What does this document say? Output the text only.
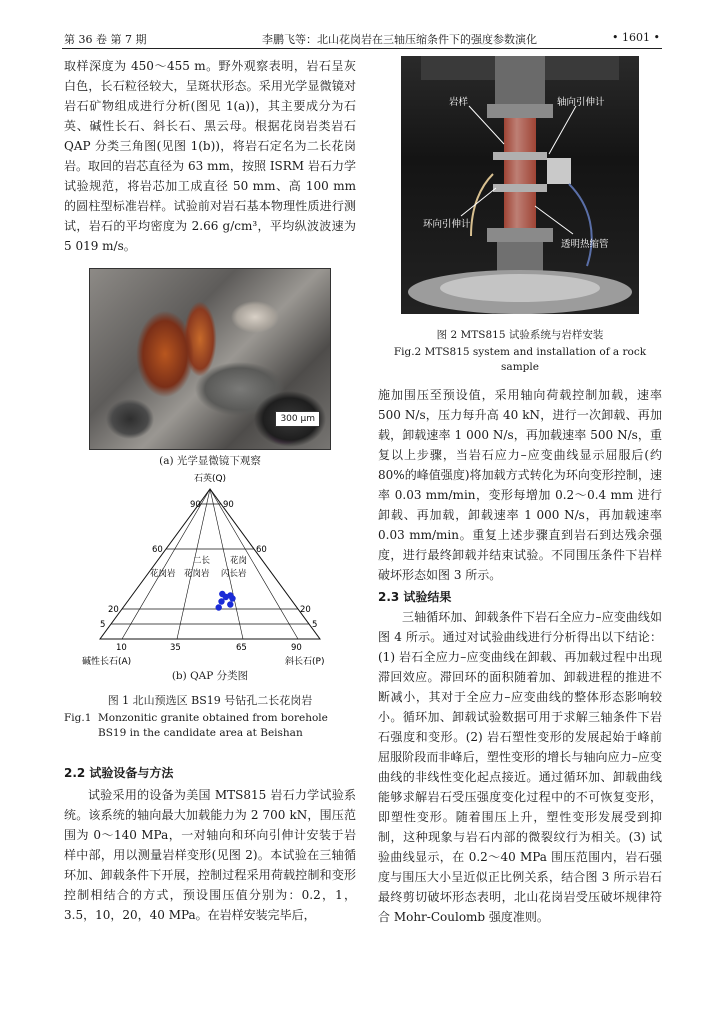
第 36 卷 第 7 期	李鹏飞等：北山花岗岩在三轴压缩条件下的强度参数演化	• 1601 •

取样深度为 450～455 m。野外观察表明，岩石呈灰白色，长石粒径较大，呈斑状形态。采用光学显微镜对岩石矿物组成进行分析(图见 1(a))，其主要成分为石英、碱性长石、斜长石、黑云母。根据花岗岩类岩石 QAP 分类三角图(见图 1(b))，将岩石定名为二长花岗岩。取回的岩芯直径为 63 mm，按照 ISRM 岩石力学试验规范，将岩芯加工成直径 50 mm、高 100 mm 的圆柱型标准岩样。试验前对岩石基本物理性质进行测试，岩石的平均密度为 2.66 g/cm³，平均纵波波速为 5 019 m/s。

300 μm

(a) 光学显微镜下观察

石英(Q)
90	90
60	60
20	20
5	5
10	35	65	90
碱性长石(A)	斜长石(P)
花岗岩
二长
花岗岩
花岗
闪长岩

(b) QAP 分类图

图 1 北山预选区 BS19 号钻孔二长花岗岩

Fig.1 Monzonitic granite obtained from borehole BS19 in the candidate area at Beishan

2.2 试验设备与方法

试验采用的设备为美国 MTS815 岩石力学试验系统。该系统的轴向最大加载能力为 2 700 kN，围压范围为 0～140 MPa，一对轴向和环向引伸计安装于岩样中部，用以测量岩样变形(见图 2)。本试验在三轴循环加、卸载条件下开展，控制过程采用荷载控制和变形控制相结合的方式，预设围压值分别为：0.2，1，3.5，10，20，40 MPa。在岩样安装完毕后，

岩样	轴向引伸计
环向引伸计
透明热缩管

图 2 MTS815 试验系统与岩样安装

Fig.2 MTS815 system and installation of a rock sample

施加围压至预设值，采用轴向荷载控制加载，速率 500 N/s，压力每升高 40 kN，进行一次卸载、再加载，卸载速率 1 000 N/s，再加载速率 500 N/s，重复以上步骤，当岩石应力–应变曲线显示屈服后(约 80%的峰值强度)将加载方式转化为环向变形控制，速率 0.03 mm/min，变形每增加 0.2～0.4 mm 进行卸载、再加载，卸载速率 1 000 N/s，再加载速率 0.03 mm/min。重复上述步骤直到岩石到达残余强度，进行最终卸载并结束试验。不同围压条件下岩样破坏形态如图 3 所示。

2.3 试验结果

三轴循环加、卸载条件下岩石全应力–应变曲线如图 4 所示。通过对试验曲线进行分析得出以下结论：(1) 岩石全应力–应变曲线在卸载、再加载过程中出现滞回效应。滞回环的面积随着加、卸载进程的推进不断减小，其对于全应力–应变曲线的整体形态影响较小。循环加、卸载试验数据可用于求解三轴条件下岩石强度和变形。(2) 岩石塑性变形的发展起始于峰前屈服阶段而非峰后，塑性变形的增长与轴向应力–应变曲线的非线性变化起点接近。通过循环加、卸载曲线能够求解岩石受压强度变化过程中的不可恢复变形，即塑性变形。随着围压上升，塑性变形发展受到抑制，这种现象与岩石内部的微裂纹行为相关。(3) 试验曲线显示，在 0.2～40 MPa 围压范围内，岩石强度与围压大小呈近似正比例关系，结合图 3 所示岩石最终剪切破坏形态表明，北山花岗岩受压破坏规律符合 Mohr-Coulomb 强度准则。
